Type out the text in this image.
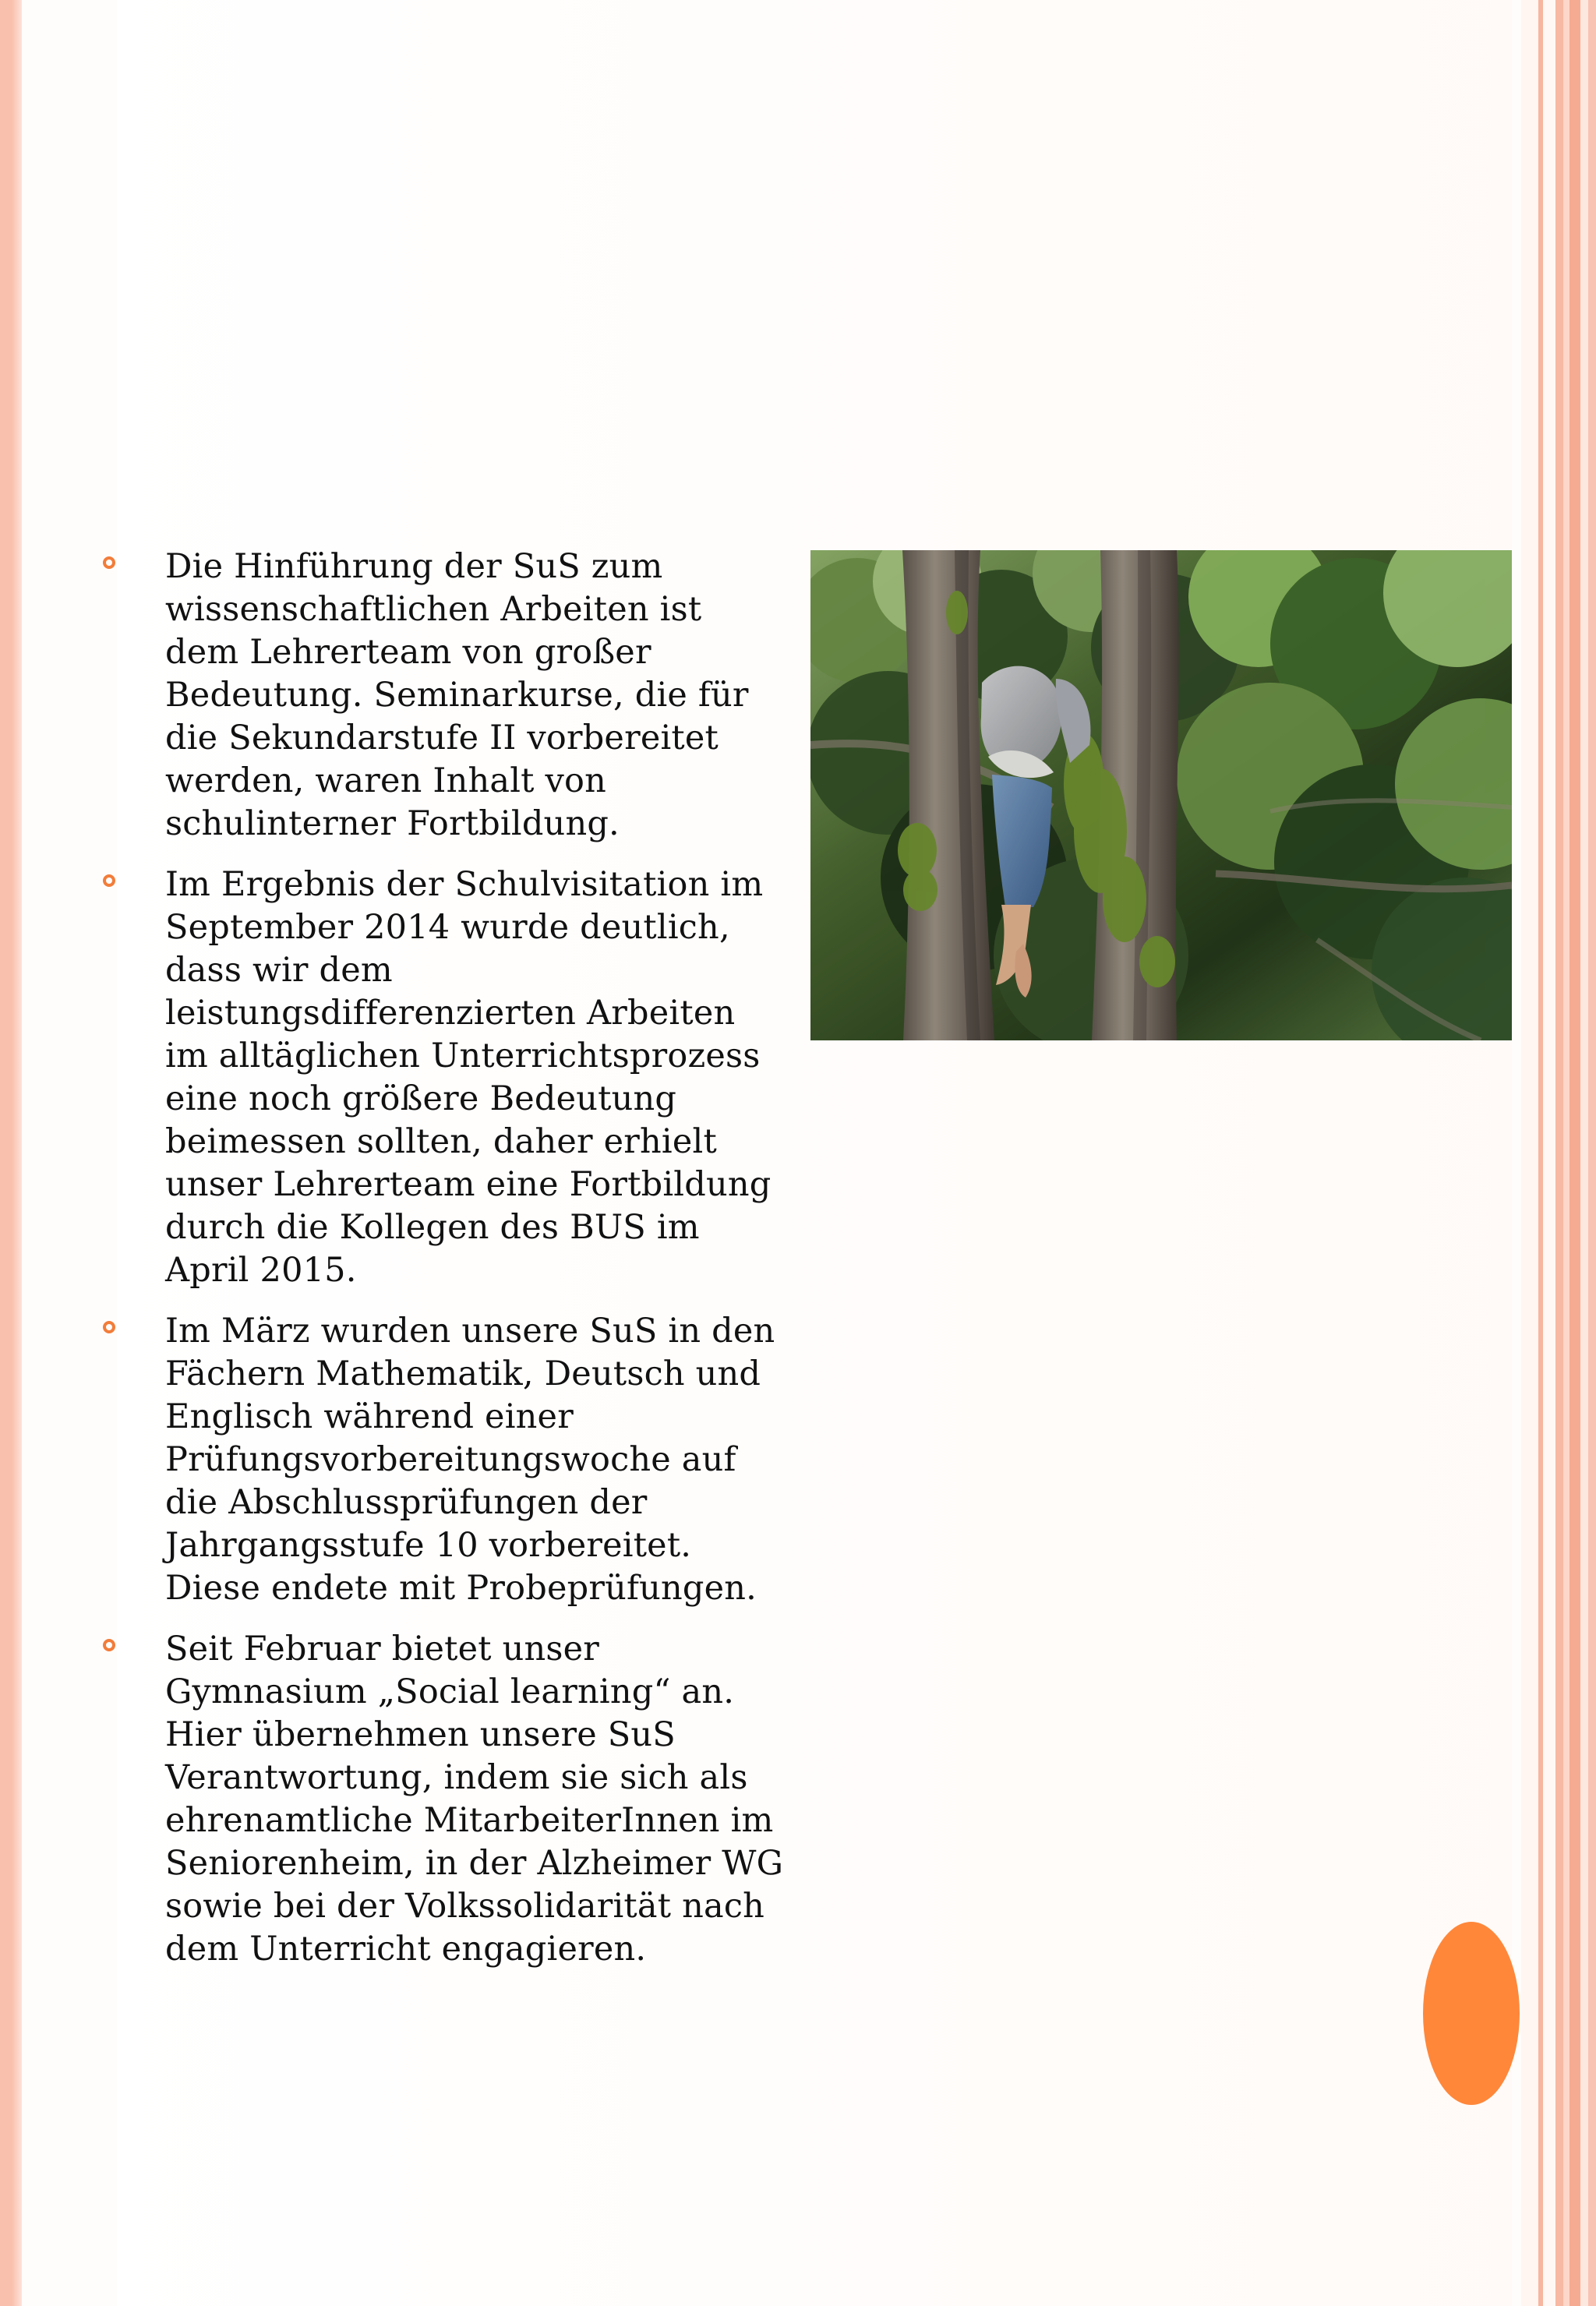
Die Hinführung der SuS zum wissenschaftlichen Arbeiten ist dem Lehrerteam von großer Bedeutung. Seminarkurse, die für die Sekundarstufe II vorbereitet werden, waren Inhalt von schulinterner Fortbildung.
Im Ergebnis der Schulvisitation im September 2014 wurde deutlich, dass wir dem leistungsdifferenzierten Arbeiten im alltäglichen Unterrichtsprozess eine noch größere Bedeutung beimessen sollten, daher erhielt unser Lehrerteam eine Fortbildung durch die Kollegen des BUS im April 2015.
Im März wurden unsere SuS in den Fächern Mathematik, Deutsch und Englisch während einer Prüfungsvorbereitungswoche auf die Abschlussprüfungen der Jahrgangsstufe 10 vorbereitet. Diese endete mit Probeprüfungen.
Seit Februar bietet unser Gymnasium „Social learning“ an. Hier übernehmen unsere SuS Verantwortung, indem sie sich als ehrenamtliche MitarbeiterInnen im Seniorenheim, in der Alzheimer WG sowie bei der Volkssolidarität nach dem Unterricht engagieren.
